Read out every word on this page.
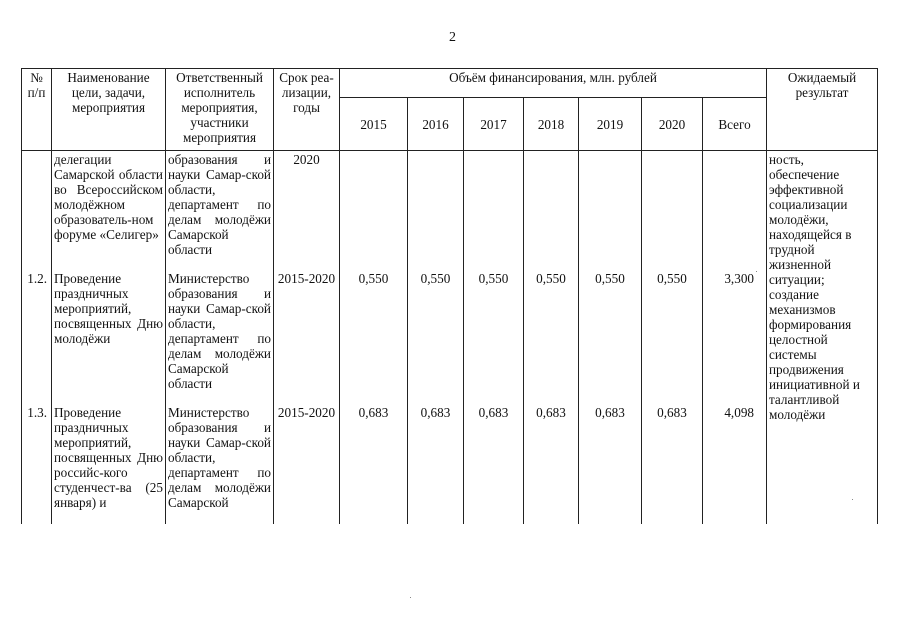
2
№ п/п	Наименование цели, задачи, мероприятия	Ответственный исполнитель мероприятия, участники мероприятия	Срок реа-лизации, годы	Объём финансирования, млн. рублей							Ожидаемый результат
				2015	2016	2017	2018	2019	2020	Всего	
	делегации Самарской области во Всероссийском молодёжном образователь-ном форуме «Селигер»	образования и науки Самар-ской области, департамент по делам молодёжи Самарской области	2020								ность, обеспечение эффективной социализации молодёжи, находящейся в трудной жизненной ситуации; создание механизмов формирования целостной системы продвижения инициативной и талантливой молодёжи
1.2.	Проведение праздничных мероприятий, посвященных Дню молодёжи	Министерство образования и науки Самар-ской области, департамент по делам молодёжи Самарской области	2015-2020	0,550	0,550	0,550	0,550	0,550	0,550	3,300	
1.3.	Проведение праздничных мероприятий, посвященных Дню российс-кого студенчест-ва (25 января) и	Министерство образования и науки Самар-ской области, департамент по делам молодёжи Самарской	2015-2020	0,683	0,683	0,683	0,683	0,683	0,683	4,098	
